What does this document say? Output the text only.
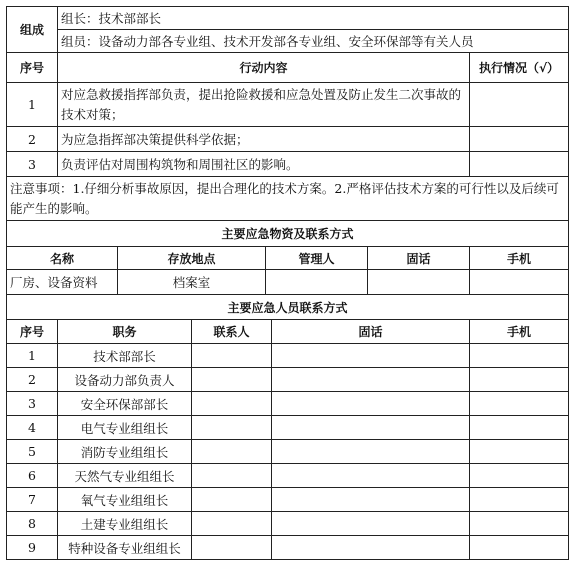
组成	组长：技术部部长	
	组员：设备动力部各专业组、技术开发部各专业组、安全环保部等有关人员	
序号	行动内容	执行情况（√）
1	对应急救援指挥部负责，提出抢险救援和应急处置及防止发生二次事故的技术对策；	
2	为应急指挥部决策提供科学依据；	
3	负责评估对周围构筑物和周围社区的影响。	
注意事项：1.仔细分析事故原因，提出合理化的技术方案。2.严格评估技术方案的可行性以及后续可能产生的影响。		
主要应急物资及联系方式				
名称	存放地点	管理人	固话	手机
厂房、设备资料	档案室			
主要应急人员联系方式				
序号	职务	联系人	固话	手机
1	技术部部长			
2	设备动力部负责人			
3	安全环保部部长			
4	电气专业组组长			
5	消防专业组组长			
6	天然气专业组组长			
7	氧气专业组组长			
8	土建专业组组长			
9	特种设备专业组组长			
